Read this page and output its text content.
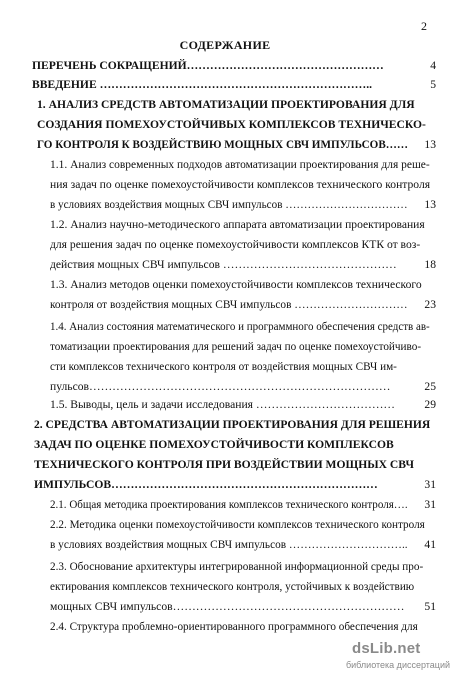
2
СОДЕРЖАНИЕ
ПЕРЕЧЕНЬ СОКРАЩЕНИЙ……………………………………………	4
ВВЕДЕНИЕ ……………………………………………………………..	5
1. АНАЛИЗ СРЕДСТВ АВТОМАТИЗАЦИИ ПРОЕКТИРОВАНИЯ ДЛЯ
СОЗДАНИЯ ПОМЕХОУСТОЙЧИВЫХ КОМПЛЕКСОВ ТЕХНИЧЕСКО-
ГО КОНТРОЛЯ К ВОЗДЕЙСТВИЮ МОЩНЫХ СВЧ ИМПУЛЬСОВ……	13
1.1. Анализ современных подходов автоматизации проектирования для реше-
ния задач по оценке помехоустойчивости комплексов технического контроля
в условиях воздействия мощных СВЧ импульсов ……………………………	13
1.2. Анализ научно-методического аппарата автоматизации проектирования
для решения задач по оценке помехоустойчивости комплексов КТК от воз-
действия мощных СВЧ импульсов ………………………………………	18
1.3. Анализ методов оценки помехоустойчивости комплексов технического
контроля от воздействия мощных СВЧ импульсов …………………………	23
1.4. Анализ состояния математического и программного обеспечения средств ав-
томатизации проектирования для решений задач по оценке помехоустойчиво-
сти комплексов технического контроля от воздействия мощных СВЧ им-
пульсов……………………………………………………………………	25
1.5. Выводы, цель и задачи исследования ………………………………	29
2. СРЕДСТВА АВТОМАТИЗАЦИИ ПРОЕКТИРОВАНИЯ ДЛЯ РЕШЕНИЯ
ЗАДАЧ ПО ОЦЕНКЕ ПОМЕХОУСТОЙЧИВОСТИ КОМПЛЕКСОВ
ТЕХНИЧЕСКОГО КОНТРОЛЯ ПРИ ВОЗДЕЙСТВИИ МОЩНЫХ СВЧ
ИМПУЛЬСОВ……………………………………………………………	31
2.1. Общая методика проектирования комплексов технического контроля….	31
2.2. Методика оценки помехоустойчивости комплексов технического контроля
в условиях воздействия мощных СВЧ импульсов …………………………..	41
2.3. Обоснование архитектуры интегрированной информационной среды про-
ектирования комплексов технического контроля, устойчивых к воздействию
мощных СВЧ импульсов……………………………………………………	51
2.4. Структура проблемно-ориентированного программного обеспечения для
dsLib.net
библиотека диссертаций
